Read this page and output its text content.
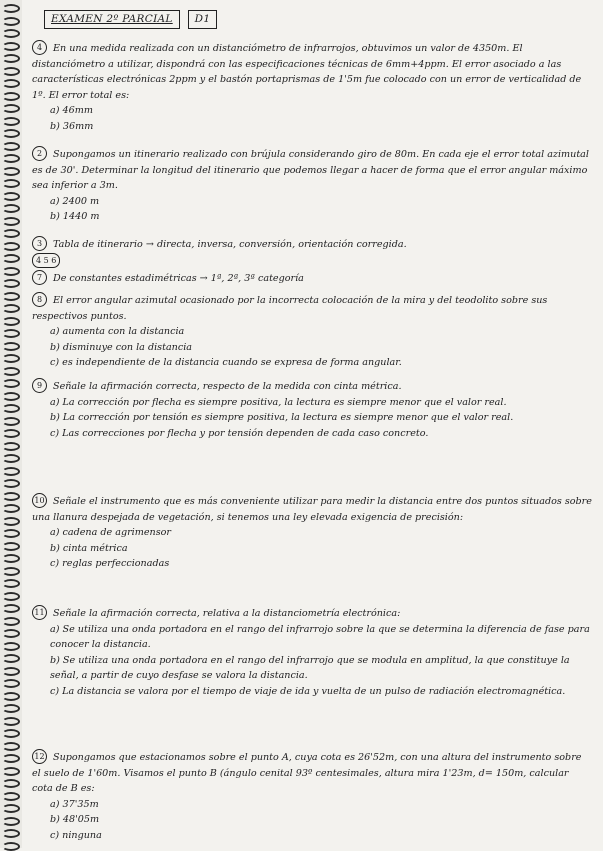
EXAMEN 2º PARCIAL	D1
4 En una medida realizada con un distanciómetro de infrarrojos, obtuvimos un valor de 4350m. El distanciómetro a utilizar, dispondrá con las especificaciones técnicas de 6mm+4ppm. El error asociado a las características electrónicas 2ppm y el bastón portaprismas de 1'5m fue colocado con un error de verticalidad de 1º. El error total es:
a) 46mm
b) 36mm
2 Supongamos un itinerario realizado con brújula considerando giro de 80m. En cada eje el error total azimutal es de 30'. Determinar la longitud del itinerario que podemos llegar a hacer de forma que el error angular máximo sea inferior a 3m.
a) 2400 m
b) 1440 m
3 Tabla de itinerario → directa, inversa, conversión, orientación corregida.
4 5 6
7 De constantes estadimétricas → 1ª, 2ª, 3ª categoría
8 El error angular azimutal ocasionado por la incorrecta colocación de la mira y del teodolito sobre sus respectivos puntos.
a) aumenta con la distancia
b) disminuye con la distancia
c) es independiente de la distancia cuando se expresa de forma angular.
9 Señale la afirmación correcta, respecto de la medida con cinta métrica.
a) La corrección por flecha es siempre positiva, la lectura es siempre menor que el valor real.
b) La corrección por tensión es siempre positiva, la lectura es siempre menor que el valor real.
c) Las correcciones por flecha y por tensión dependen de cada caso concreto.
10 Señale el instrumento que es más conveniente utilizar para medir la distancia entre dos puntos situados sobre una llanura despejada de vegetación, si tenemos una ley elevada exigencia de precisión:
a) cadena de agrimensor
b) cinta métrica
c) reglas perfeccionadas
11 Señale la afirmación correcta, relativa a la distanciometría electrónica:
a) Se utiliza una onda portadora en el rango del infrarrojo sobre la que se determina la diferencia de fase para conocer la distancia.
b) Se utiliza una onda portadora en el rango del infrarrojo que se modula en amplitud, la que constituye la señal, a partir de cuyo desfase se valora la distancia.
c) La distancia se valora por el tiempo de viaje de ida y vuelta de un pulso de radiación electromagnética.
12 Supongamos que estacionamos sobre el punto A, cuya cota es 26'52m, con una altura del instrumento sobre el suelo de 1'60m. Visamos el punto B (ángulo cenital 93º centesimales, altura mira 1'23m, d= 150m, calcular cota de B es:
a) 37'35m
b) 48'05m
c) ninguna
